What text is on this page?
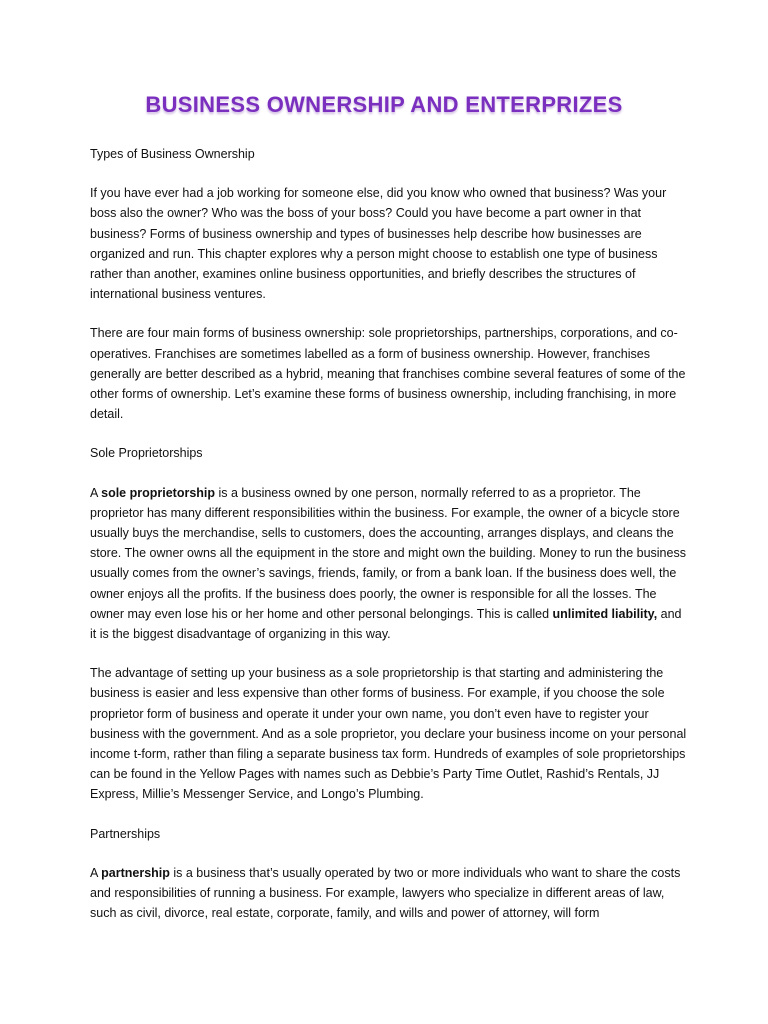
BUSINESS OWNERSHIP AND ENTERPRIZES

Types of Business Ownership

If you have ever had a job working for someone else, did you know who owned that business? Was your boss also the owner? Who was the boss of your boss? Could you have become a part owner in that business? Forms of business ownership and types of businesses help describe how businesses are organized and run. This chapter explores why a person might choose to establish one type of business rather than another, examines online business opportunities, and briefly describes the structures of international business ventures.

There are four main forms of business ownership: sole proprietorships, partnerships, corporations, and co-operatives. Franchises are sometimes labelled as a form of business ownership. However, franchises generally are better described as a hybrid, meaning that franchises combine several features of some of the other forms of ownership. Let’s examine these forms of business ownership, including franchising, in more detail.

Sole Proprietorships

A sole proprietorship is a business owned by one person, normally referred to as a proprietor. The proprietor has many different responsibilities within the business. For example, the owner of a bicycle store usually buys the merchandise, sells to customers, does the accounting, arranges displays, and cleans the store. The owner owns all the equipment in the store and might own the building. Money to run the business usually comes from the owner’s savings, friends, family, or from a bank loan. If the business does well, the owner enjoys all the profits. If the business does poorly, the owner is responsible for all the losses. The owner may even lose his or her home and other personal belongings. This is called unlimited liability, and it is the biggest disadvantage of organizing in this way.

The advantage of setting up your business as a sole proprietorship is that starting and administering the business is easier and less expensive than other forms of business. For example, if you choose the sole proprietor form of business and operate it under your own name, you don’t even have to register your business with the government. And as a sole proprietor, you declare your business income on your personal income t-form, rather than filing a separate business tax form. Hundreds of examples of sole proprietorships can be found in the Yellow Pages with names such as Debbie’s Party Time Outlet, Rashid’s Rentals, JJ Express, Millie’s Messenger Service, and Longo’s Plumbing.

Partnerships

A partnership is a business that’s usually operated by two or more individuals who want to share the costs and responsibilities of running a business. For example, lawyers who specialize in different areas of law, such as civil, divorce, real estate, corporate, family, and wills and power of attorney, will form
